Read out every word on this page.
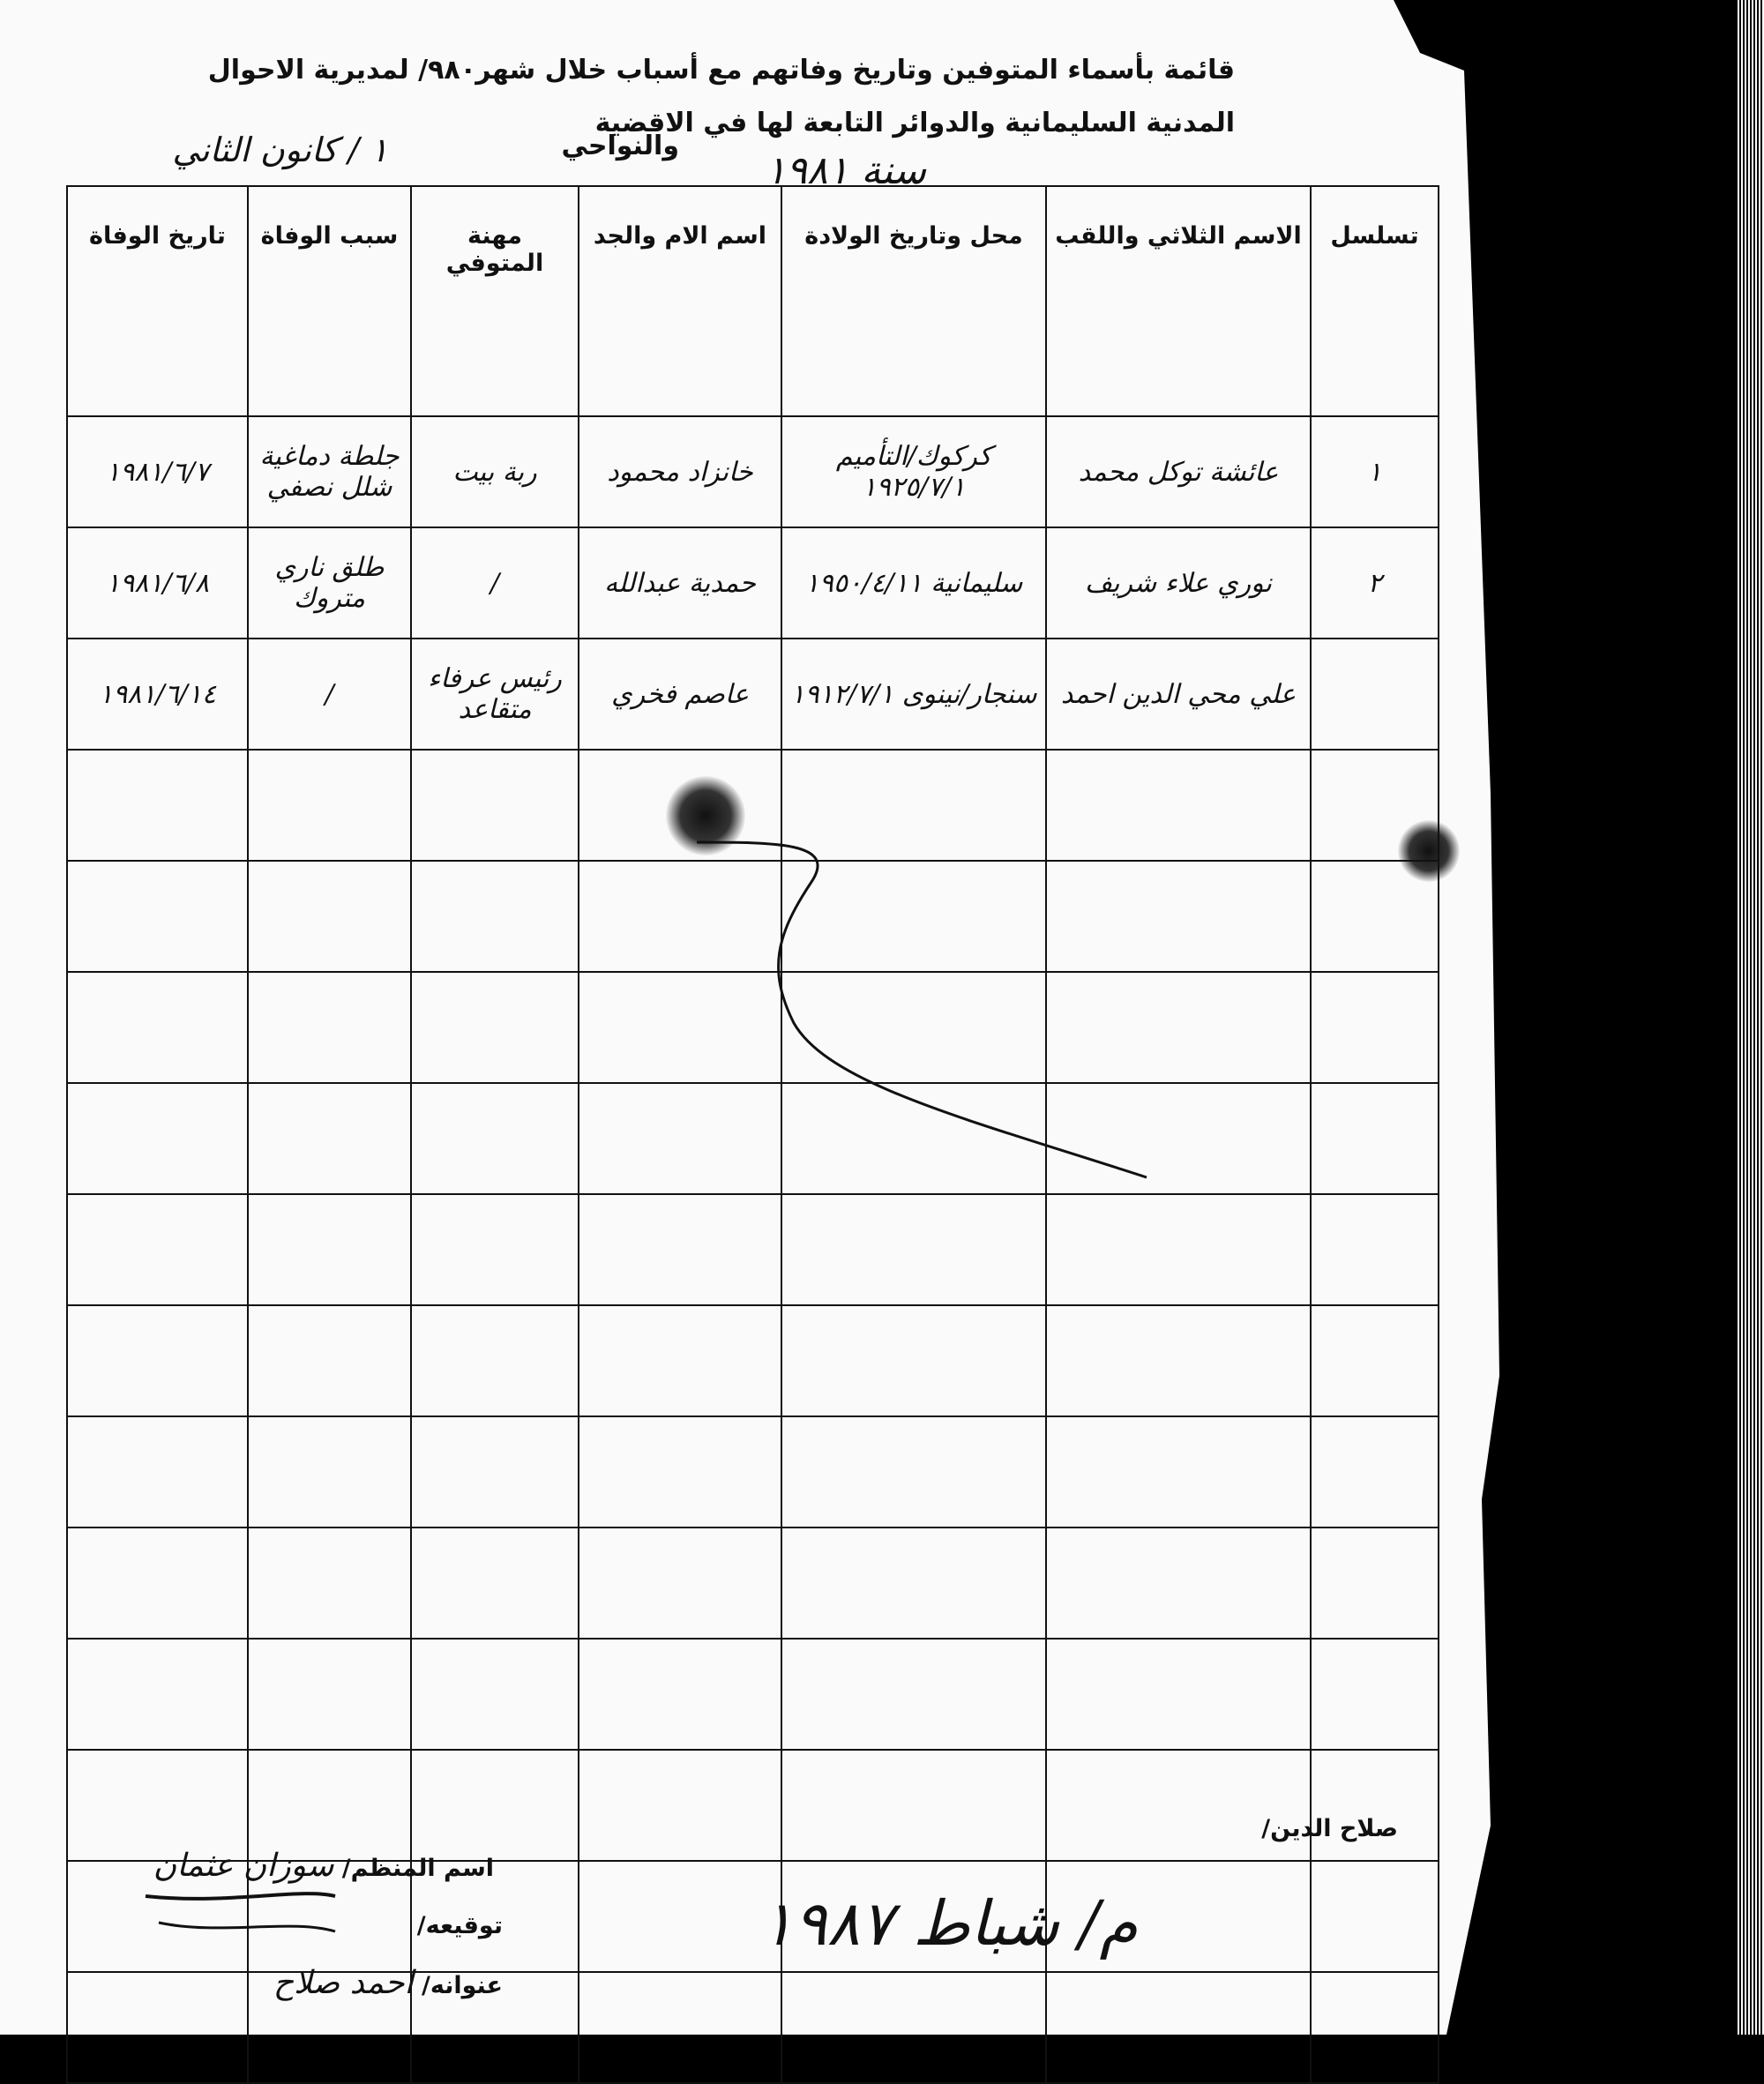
قائمة بأسماء المتوفين وتاريخ وفاتهم مع أسباب خلال شهر
٩٨٠/ لمديرية الاحوال
المدنية السليمانية والدوائر التابعة لها في الاقضية
والنواحي
١ / كانون الثاني	سنة ١٩٨١
تسلسل	الاسم الثلاثي واللقب	محل وتاريخ الولادة	اسم الام والجد	مهنة المتوفي	سبب الوفاة	تاريخ الوفاة
١	عائشة توكل محمد	كركوك/التأميم ١٩٢٥/٧/١	خانزاد محمود	ربة بيت	جلطة دماغية شلل نصفي	١٩٨١/٦/٧
٢	نوري علاء شريف	سليمانية ١٩٥٠/٤/١١	حمدية عبدالله	/	طلق ناري متروك	١٩٨١/٦/٨
	علي محي الدين احمد	سنجار/نينوى ١٩١٢/٧/١	عاصم فخري	رئيس عرفاء متقاعد	/	١٩٨١/٦/١٤

صلاح الدين/
اسم المنظم/ سوزان عثمان
توقيعه/
عنوانه/ احمد صلاح
م/ شباط ١٩٨٧
